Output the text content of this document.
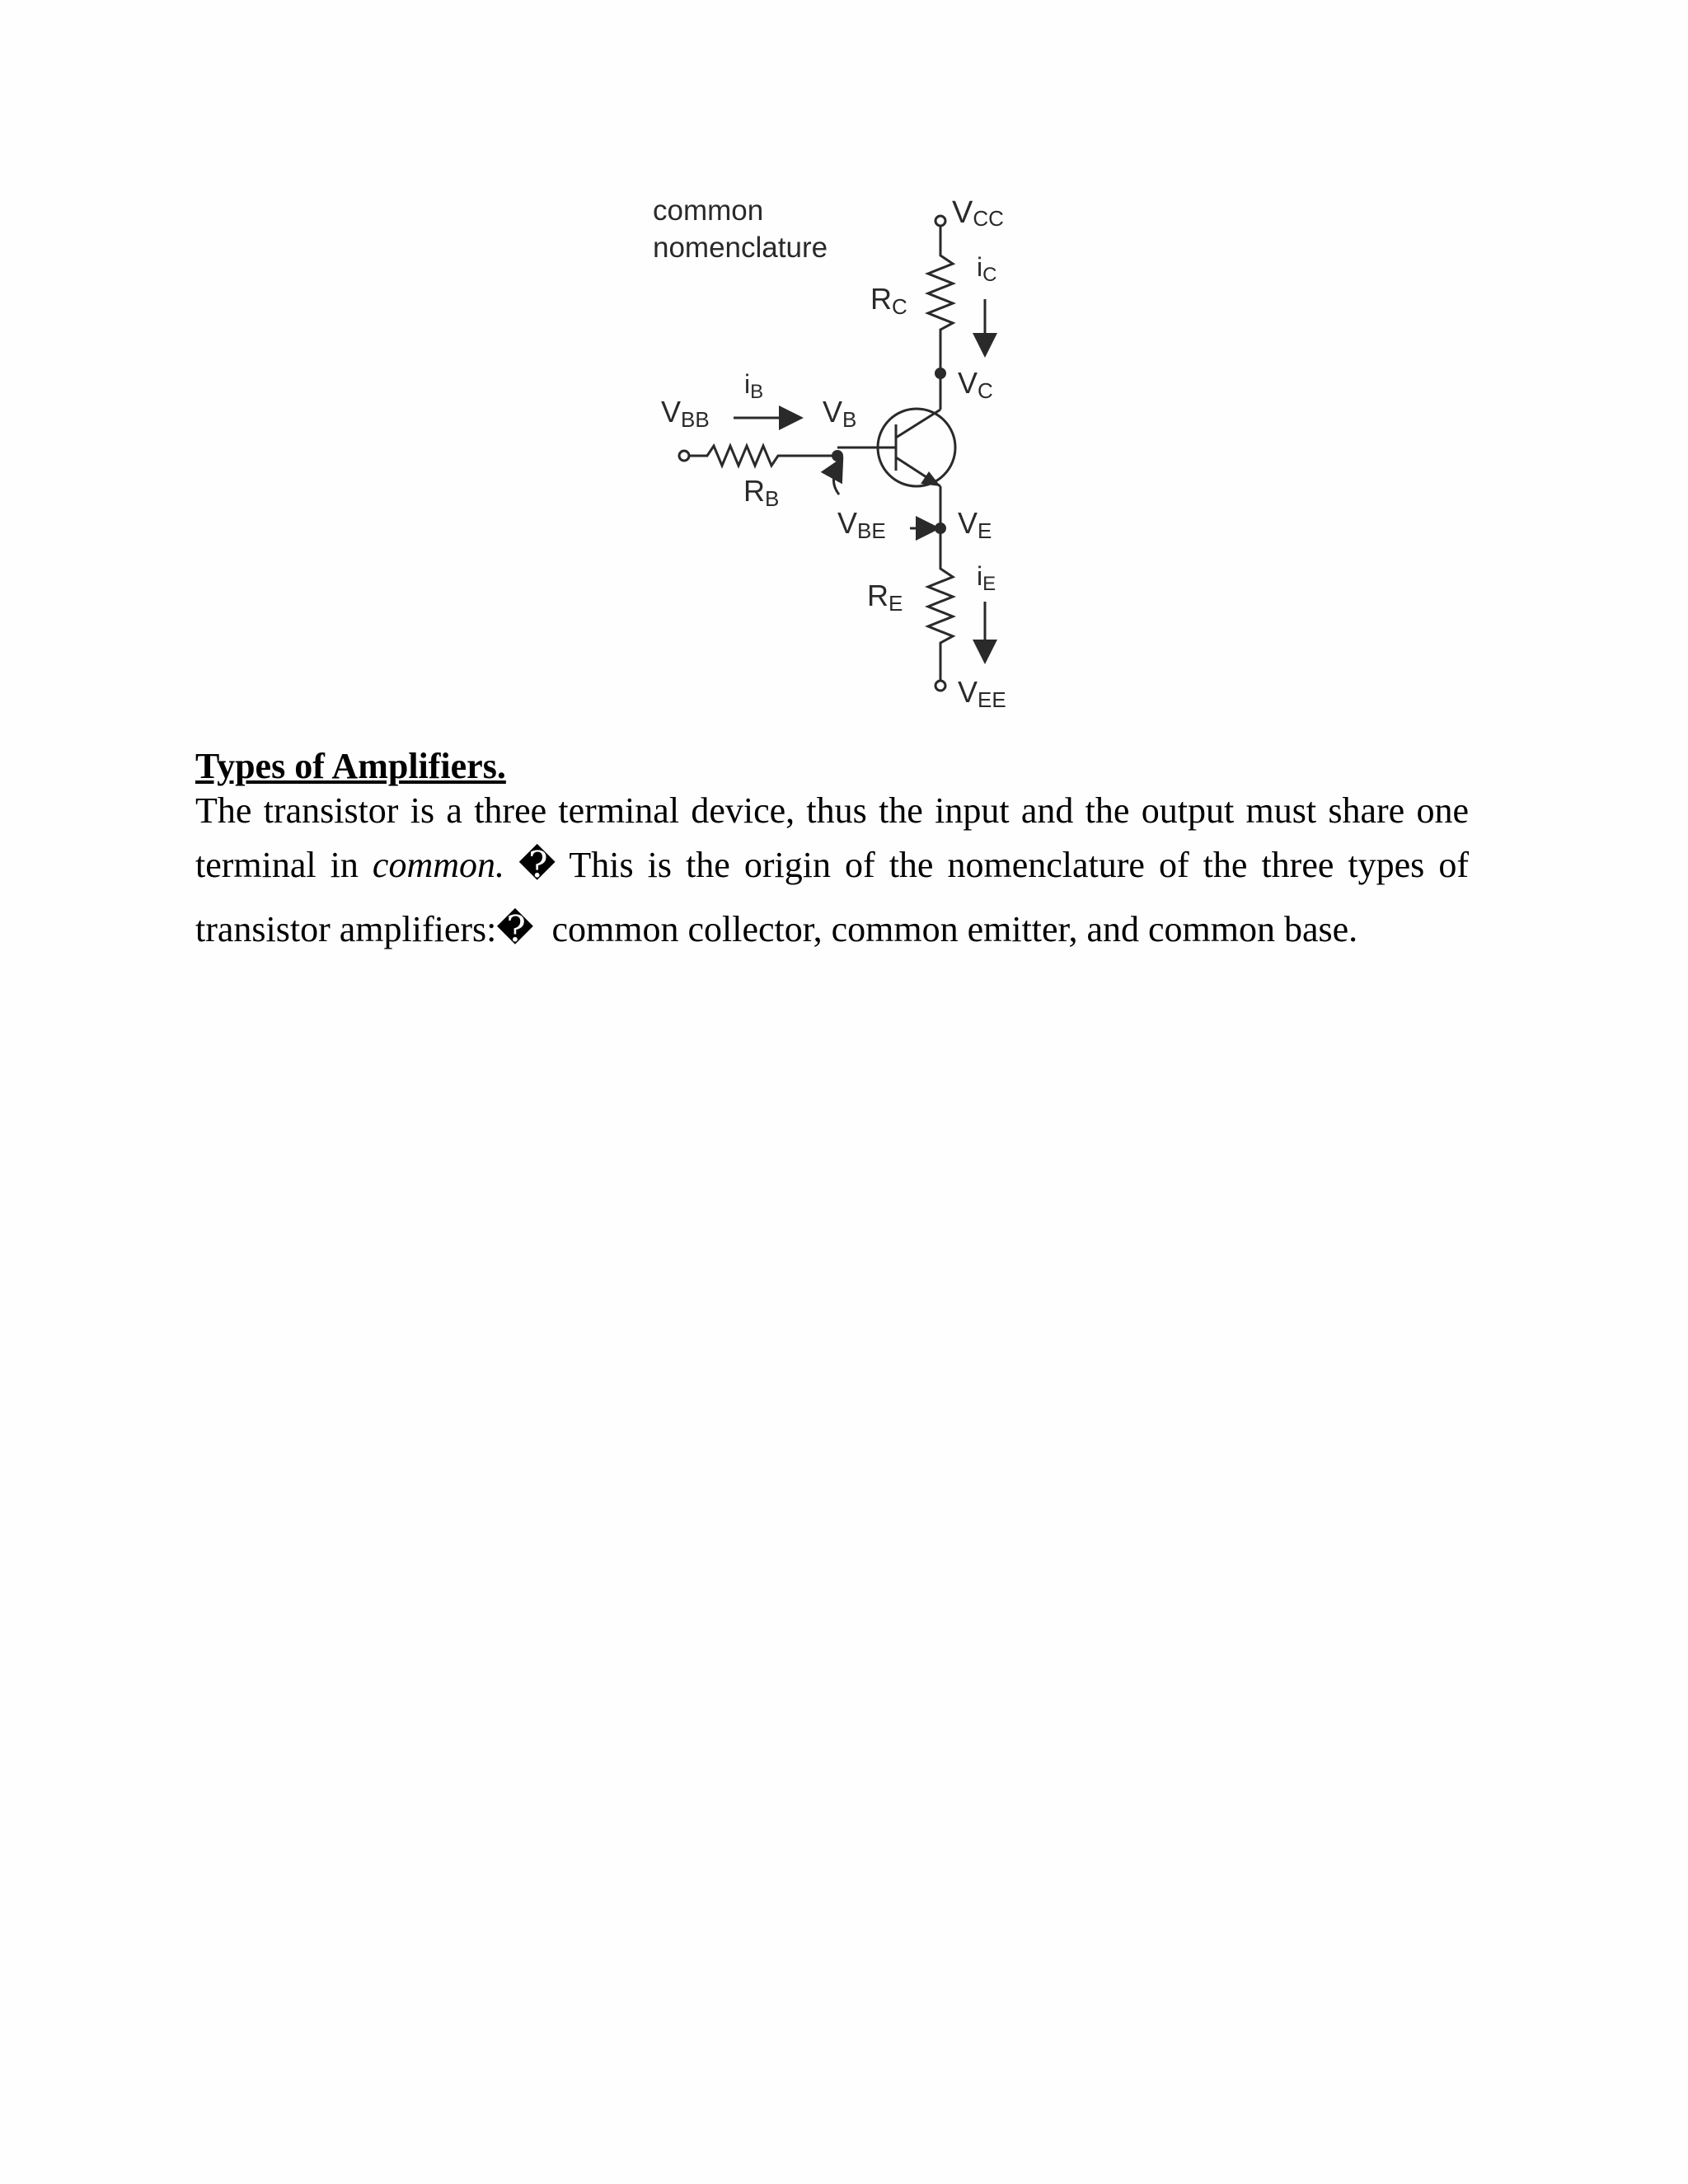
common
nomenclature
VCC
iC
RC
VC
iB
VBB	VB
RB
VBE VE
iE
RE
VEE
Types of Amplifiers.

The transistor is a three terminal device, thus the input and the output must share one
terminal in common. � This is the origin of the nomenclature of the three types of
transistor amplifiers:� common collector, common emitter, and common base.
